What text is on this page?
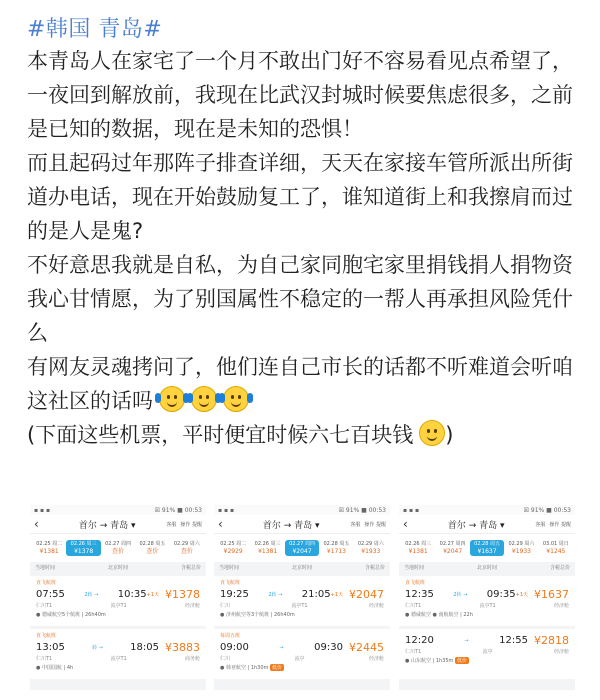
#韩国 青岛#

本青岛人在家宅了一个月不敢出门好不容易看见点希望了，一夜回到解放前，我现在比武汉封城时候要焦虑很多，之前是已知的数据，现在是未知的恐惧！

而且起码过年那阵子排查详细，天天在家接车管所派出所街道办电话，现在开始鼓励复工了，谁知道街上和我擦肩而过的是人是鬼?

不好意思我就是自私，为自己家同胞宅家里捐钱捐人捐物资我心甘情愿，为了别国属性不稳定的一帮人再承担风险凭什么

有网友灵魂拷问了，他们连自己市长的话都不听难道会听咱这社区的话吗

(下面这些机票，平时便宜时候六七百块钱 )

▪ ▪ ▪	☒ 91% ■ 00:53
‹	首尔 → 青岛 ▾	客服 操作 提醒
02.25 周二
¥1381
02.26 周三
¥1378
02.27 周四
查价
02.28 周五
查价
02.29 周六
查价
当地时间	北京时间	含税总价
直飞航班
07:55	2转 →	10:35 +1天 ¥1378
仁川T1	流亭T1	经济舱
● 德威航空5个航班 | 26h40m
直飞航班
13:05	转 →	18:05 ¥3883
仁川T1	流亭T1	商务舱
● 中国国航 | 4h
▪ ▪ ▪	☒ 91% ■ 00:53
‹	首尔 → 青岛 ▾	客服 操作 提醒
02.25 周二
¥2929
02.26 周三
¥1381
02.27 周四
¥2047
02.28 周五
¥1713
02.29 周六
¥1933
当地时间	北京时间	含税总价
直飞航班
19:25	2转 →	21:05 +1天 ¥2047
仁川	流亭T1	经济舱
● 济州航空等3个航班 | 26h40m
每周五班
09:00	→	09:30 ¥2445
仁川	流亭	经济舱
● 韩亚航空 | 1h30m 低价
▪ ▪ ▪	☒ 91% ■ 00:53
‹	首尔 → 青岛 ▾	客服 操作 提醒
02.26 周三
¥1381
02.27 周四
¥2047
02.28 周五
¥1637
02.29 周六
¥1933
03.01 周日
¥1245
当地时间	北京时间	含税总价
直飞航班
12:35	2转 →	09:35 +1天 ¥1637
仁川T1	流亭T1	经济舱
● 德威航空 ● 南航航空 | 22h
12:20	→	12:55 ¥2818
仁川T1	流亭	经济舱
● 山东航空 | 1h35m 低价
